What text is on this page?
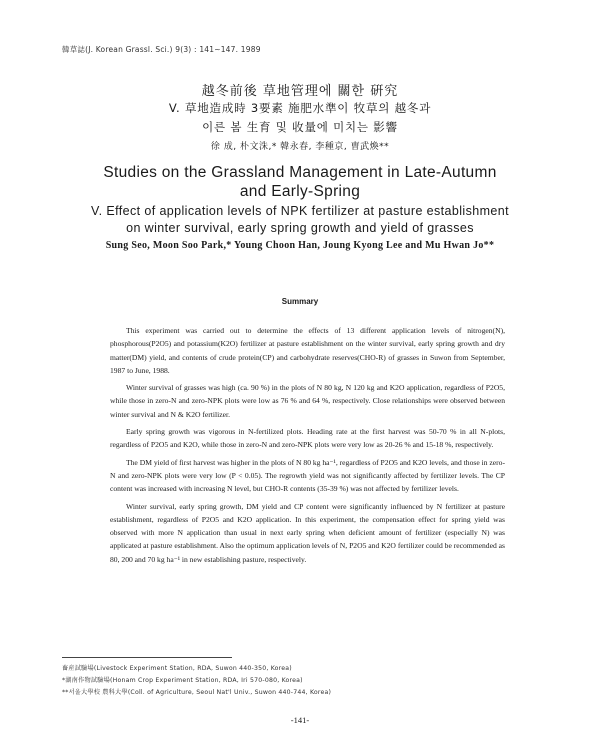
韓草誌(J. Korean Grassl. Sci.) 9(3) : 141~147. 1989
越冬前後 草地管理에 關한 硏究
V. 草地造成時 3要素 施肥水準이 牧草의 越冬과
이른 봄 生育 및 收量에 미치는 影響
徐 成, 朴文洙,* 韓永春, 李種京, 曺武煥**
Studies on the Grassland Management in Late-Autumn
and Early-Spring
V. Effect of application levels of NPK fertilizer at pasture establishment
on winter survival, early spring growth and yield of grasses
Sung Seo, Moon Soo Park,* Young Choon Han, Joung Kyong Lee and Mu Hwan Jo**
Summary

This experiment was carried out to determine the effects of 13 different application levels of nitrogen(N), phosphorous(P2O5) and potassium(K2O) fertilizer at pasture establishment on the winter survival, early spring growth and dry matter(DM) yield, and contents of crude protein(CP) and carbohydrate reserves(CHO-R) of grasses in Suwon from September, 1987 to June, 1988.

Winter survival of grasses was high (ca. 90 %) in the plots of N 80 kg, N 120 kg and K2O application, regardless of P2O5, while those in zero-N and zero-NPK plots were low as 76 % and 64 %, respectively. Close relationships were observed between winter survival and N & K2O fertilizer.

Early spring growth was vigorous in N-fertilized plots. Heading rate at the first harvest was 50-70 % in all N-plots, regardless of P2O5 and K2O, while those in zero-N and zero-NPK plots were very low as 20-26 % and 15-18 %, respectively.

The DM yield of first harvest was higher in the plots of N 80 kg ha⁻¹, regardless of P2O5 and K2O levels, and those in zero-N and zero-NPK plots were very low (P < 0.05). The regrowth yield was not significantly affected by fertilizer levels. The CP content was increased with increasing N level, but CHO-R contents (35-39 %) was not affected by fertilizer levels.

Winter survival, early spring growth, DM yield and CP content were significantly influenced by N fertilizer at pasture establishment, regardless of P2O5 and K2O application. In this experiment, the compensation effect for spring yield was observed with more N application than usual in next early spring when deficient amount of fertilizer (especially N) was applicated at pasture establishment. Also the optimum application levels of N, P2O5 and K2O fertilizer could be recommended as 80, 200 and 70 kg ha⁻¹ in new establishing pasture, respectively.

畜産試驗場(Livestock Experiment Station, RDA, Suwon 440-350, Korea)
*湖南作物試驗場(Honam Crop Experiment Station, RDA, Iri 570-080, Korea)
**서울大學校 農科大學(Coll. of Agriculture, Seoul Nat'l Univ., Suwon 440-744, Korea)
-141-
